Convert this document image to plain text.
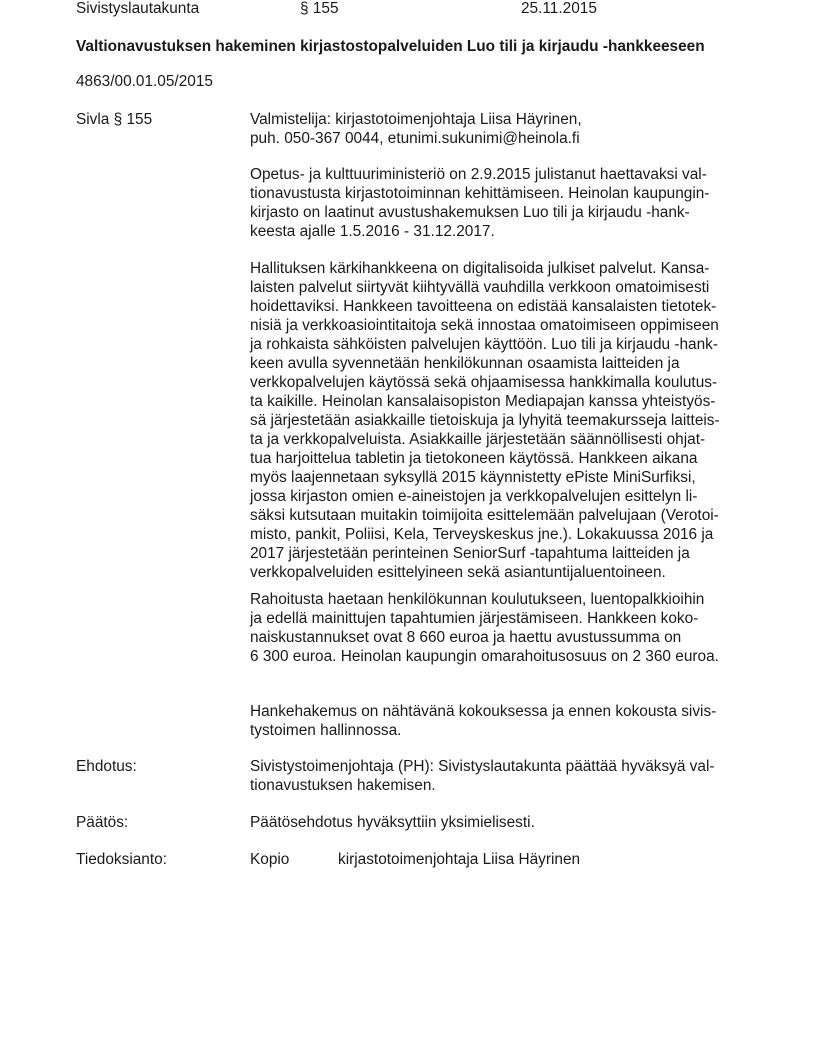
Sivistyslautakunta	§ 155	25.11.2015
Valtionavustuksen hakeminen kirjastostopalveluiden Luo tili ja kirjaudu -hankkeeseen
4863/00.01.05/2015
Sivla § 155	Valmistelija: kirjastotoimenjohtaja Liisa Häyrinen,
puh. 050-367 0044, etunimi.sukunimi@heinola.fi
Opetus- ja kulttuuriministeriö on 2.9.2015 julistanut haettavaksi val-
tionavustusta kirjastotoiminnan kehittämiseen. Heinolan kaupungin-
kirjasto on laatinut avustushakemuksen Luo tili ja kirjaudu -hank-
keesta ajalle 1.5.2016 - 31.12.2017.
Hallituksen kärkihankkeena on digitalisoida julkiset palvelut. Kansa-
laisten palvelut siirtyvät kiihtyvällä vauhdilla verkkoon omatoimisesti
hoidettaviksi. Hankkeen tavoitteena on edistää kansalaisten tietotek-
nisiä ja verkkoasiointitaitoja sekä innostaa omatoimiseen oppimiseen
ja rohkaista sähköisten palvelujen käyttöön. Luo tili ja kirjaudu -hank-
keen avulla syvennetään henkilökunnan osaamista laitteiden ja
verkkopalvelujen käytössä sekä ohjaamisessa hankkimalla koulutus-
ta kaikille. Heinolan kansalaisopiston Mediapajan kanssa yhteistyös-
sä järjestetään asiakkaille tietoiskuja ja lyhyitä teemakursseja laitteis-
ta ja verkkopalveluista. Asiakkaille järjestetään säännöllisesti ohjat-
tua harjoittelua tabletin ja tietokoneen käytössä. Hankkeen aikana
myös laajennetaan syksyllä 2015 käynnistetty ePiste MiniSurfiksi,
jossa kirjaston omien e-aineistojen ja verkkopalvelujen esittelyn li-
säksi kutsutaan muitakin toimijoita esittelemään palvelujaan (Verotoi-
misto, pankit, Poliisi, Kela, Terveyskeskus jne.). Lokakuussa 2016 ja
2017 järjestetään perinteinen SeniorSurf -tapahtuma laitteiden ja
verkkopalveluiden esittelyineen sekä asiantuntijaluentoineen.
Rahoitusta haetaan henkilökunnan koulutukseen, luentopalkkioihin
ja edellä mainittujen tapahtumien järjestämiseen. Hankkeen koko-
naiskustannukset ovat 8 660 euroa ja haettu avustussumma on
6 300 euroa. Heinolan kaupungin omarahoitusosuus on 2 360 euroa.
Hankehakemus on nähtävänä kokouksessa ja ennen kokousta sivis-
tystoimen hallinnossa.
Ehdotus:	Sivistystoimenjohtaja (PH): Sivistyslautakunta päättää hyväksyä val-
tionavustuksen hakemisen.
Päätös:	Päätösehdotus hyväksyttiin yksimielisesti.
Tiedoksianto:	Kopio	kirjastotoimenjohtaja Liisa Häyrinen
